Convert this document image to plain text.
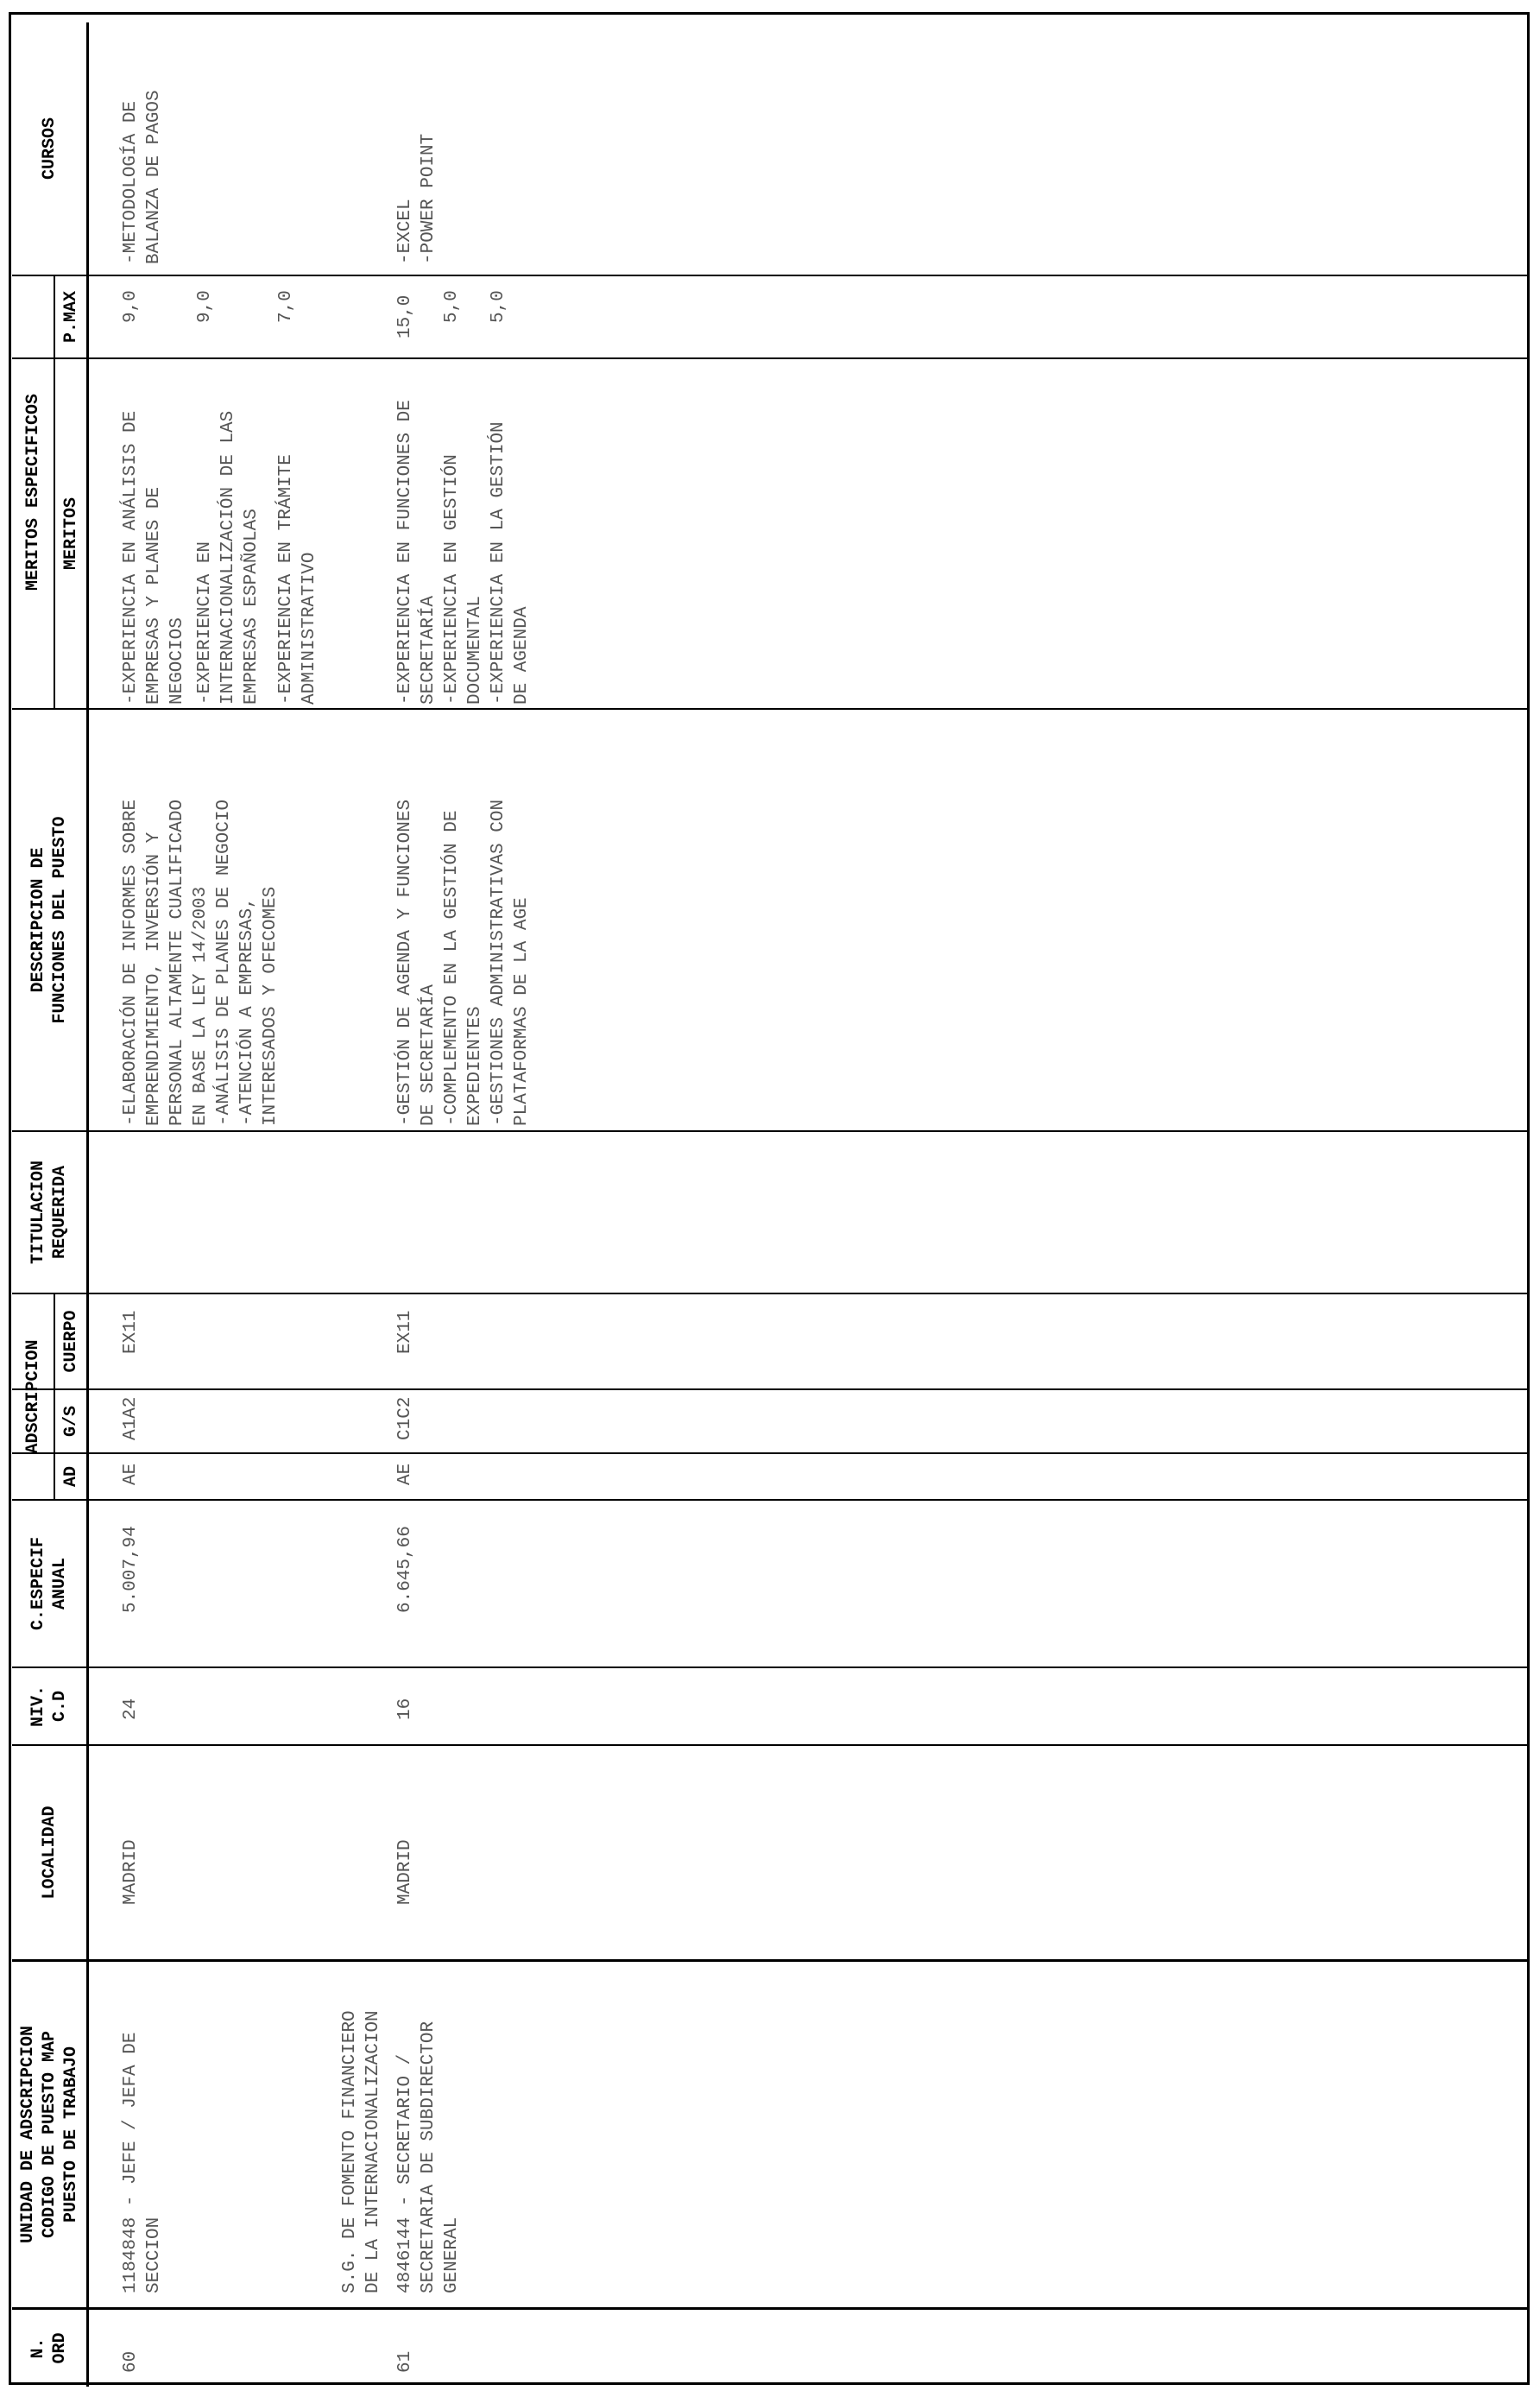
N.
ORD
UNIDAD DE ADSCRIPCION
CODIGO DE PUESTO MAP
PUESTO DE TRABAJO
LOCALIDAD
NIV.
C.D
C.ESPECIF
ANUAL
ADSCRIPCION
AD
G/S
CUERPO
TITULACION
REQUERIDA
DESCRIPCION DE
FUNCIONES DEL PUESTO
MERITOS ESPECIFICOS	MERITOS
P.MAX
CURSOS
60
1184848 - JEFE / JEFA DE
SECCION
MADRID
24
5.007,94
AE
A1A2
EX11
-ELABORACIÓN DE INFORMES SOBRE
EMPRENDIMIENTO, INVERSIÓN Y
PERSONAL ALTAMENTE CUALIFICADO
EN BASE LA LEY 14/2003
-ANÁLISIS DE PLANES DE NEGOCIO
-ATENCIÓN A EMPRESAS,
INTERESADOS Y OFECOMES
-EXPERIENCIA EN ANÁLISIS DE
EMPRESAS Y PLANES DE
NEGOCIOS
9,0
-EXPERIENCIA EN
INTERNACIONALIZACIÓN DE LAS
EMPRESAS ESPAÑOLAS
9,0
-EXPERIENCIA EN TRÁMITE
ADMINISTRATIVO
7,0
-METODOLOGÍA DE
BALANZA DE PAGOS
S.G. DE FOMENTO FINANCIERO
DE LA INTERNACIONALIZACION
61
4846144 - SECRETARIO /
SECRETARIA DE SUBDIRECTOR
GENERAL
MADRID
16
6.645,66
AE
C1C2
EX11
-GESTIÓN DE AGENDA Y FUNCIONES
DE SECRETARÍA
-COMPLEMENTO EN LA GESTIÓN DE
EXPEDIENTES
-GESTIONES ADMINISTRATIVAS CON
PLATAFORMAS DE LA AGE
-EXPERIENCIA EN FUNCIONES DE
SECRETARÍA
15,0
-EXPERIENCIA EN GESTIÓN
DOCUMENTAL
5,0
-EXPERIENCIA EN LA GESTIÓN
DE AGENDA
5,0
-EXCEL
-POWER POINT
